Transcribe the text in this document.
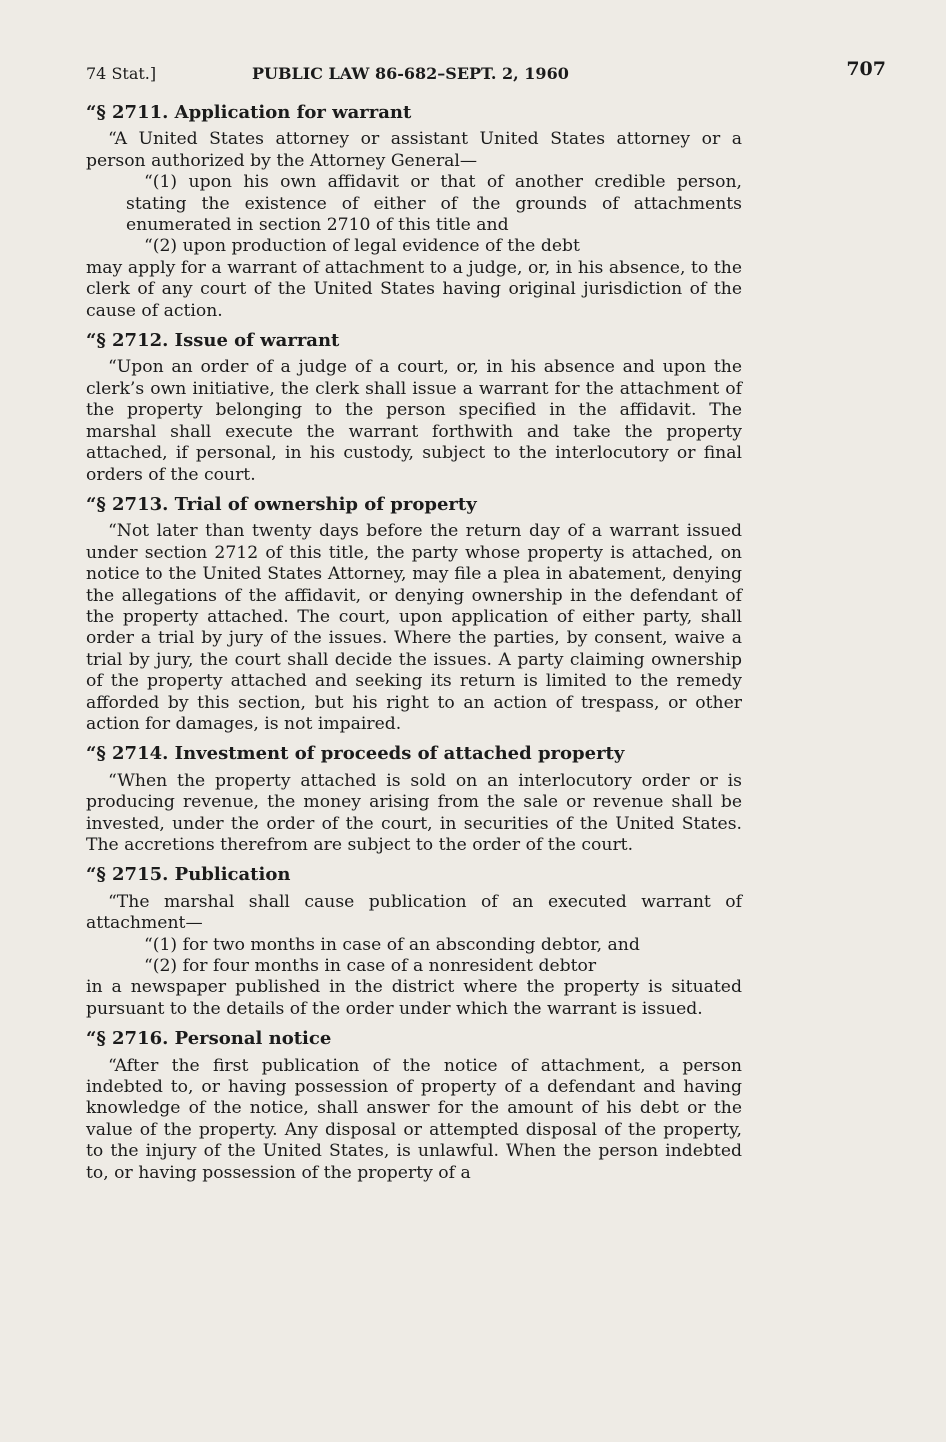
74 Stat.]	PUBLIC LAW 86-682–SEPT. 2, 1960	707
“§ 2711. Application for warrant

“A United States attorney or assistant United States attorney or a person authorized by the Attorney General—

“(1) upon his own affidavit or that of another credible person, stating the existence of either of the grounds of attachments enumerated in section 2710 of this title and

“(2) upon production of legal evidence of the debt

may apply for a warrant of attachment to a judge, or, in his absence, to the clerk of any court of the United States having original jurisdiction of the cause of action.

“§ 2712. Issue of warrant

“Upon an order of a judge of a court, or, in his absence and upon the clerk’s own initiative, the clerk shall issue a warrant for the attachment of the property belonging to the person specified in the affidavit. The marshal shall execute the warrant forthwith and take the property attached, if personal, in his custody, subject to the interlocutory or final orders of the court.

“§ 2713. Trial of ownership of property

“Not later than twenty days before the return day of a warrant issued under section 2712 of this title, the party whose property is attached, on notice to the United States Attorney, may file a plea in abatement, denying the allegations of the affidavit, or denying ownership in the defendant of the property attached. The court, upon application of either party, shall order a trial by jury of the issues. Where the parties, by consent, waive a trial by jury, the court shall decide the issues. A party claiming ownership of the property attached and seeking its return is limited to the remedy afforded by this section, but his right to an action of trespass, or other action for damages, is not impaired.

“§ 2714. Investment of proceeds of attached property

“When the property attached is sold on an interlocutory order or is producing revenue, the money arising from the sale or revenue shall be invested, under the order of the court, in securities of the United States. The accretions therefrom are subject to the order of the court.

“§ 2715. Publication

“The marshal shall cause publication of an executed warrant of attachment—

“(1) for two months in case of an absconding debtor, and

“(2) for four months in case of a nonresident debtor

in a newspaper published in the district where the property is situated pursuant to the details of the order under which the warrant is issued.

“§ 2716. Personal notice

“After the first publication of the notice of attachment, a person indebted to, or having possession of property of a defendant and having knowledge of the notice, shall answer for the amount of his debt or the value of the property. Any disposal or attempted disposal of the property, to the injury of the United States, is unlawful. When the person indebted to, or having possession of the property of a
